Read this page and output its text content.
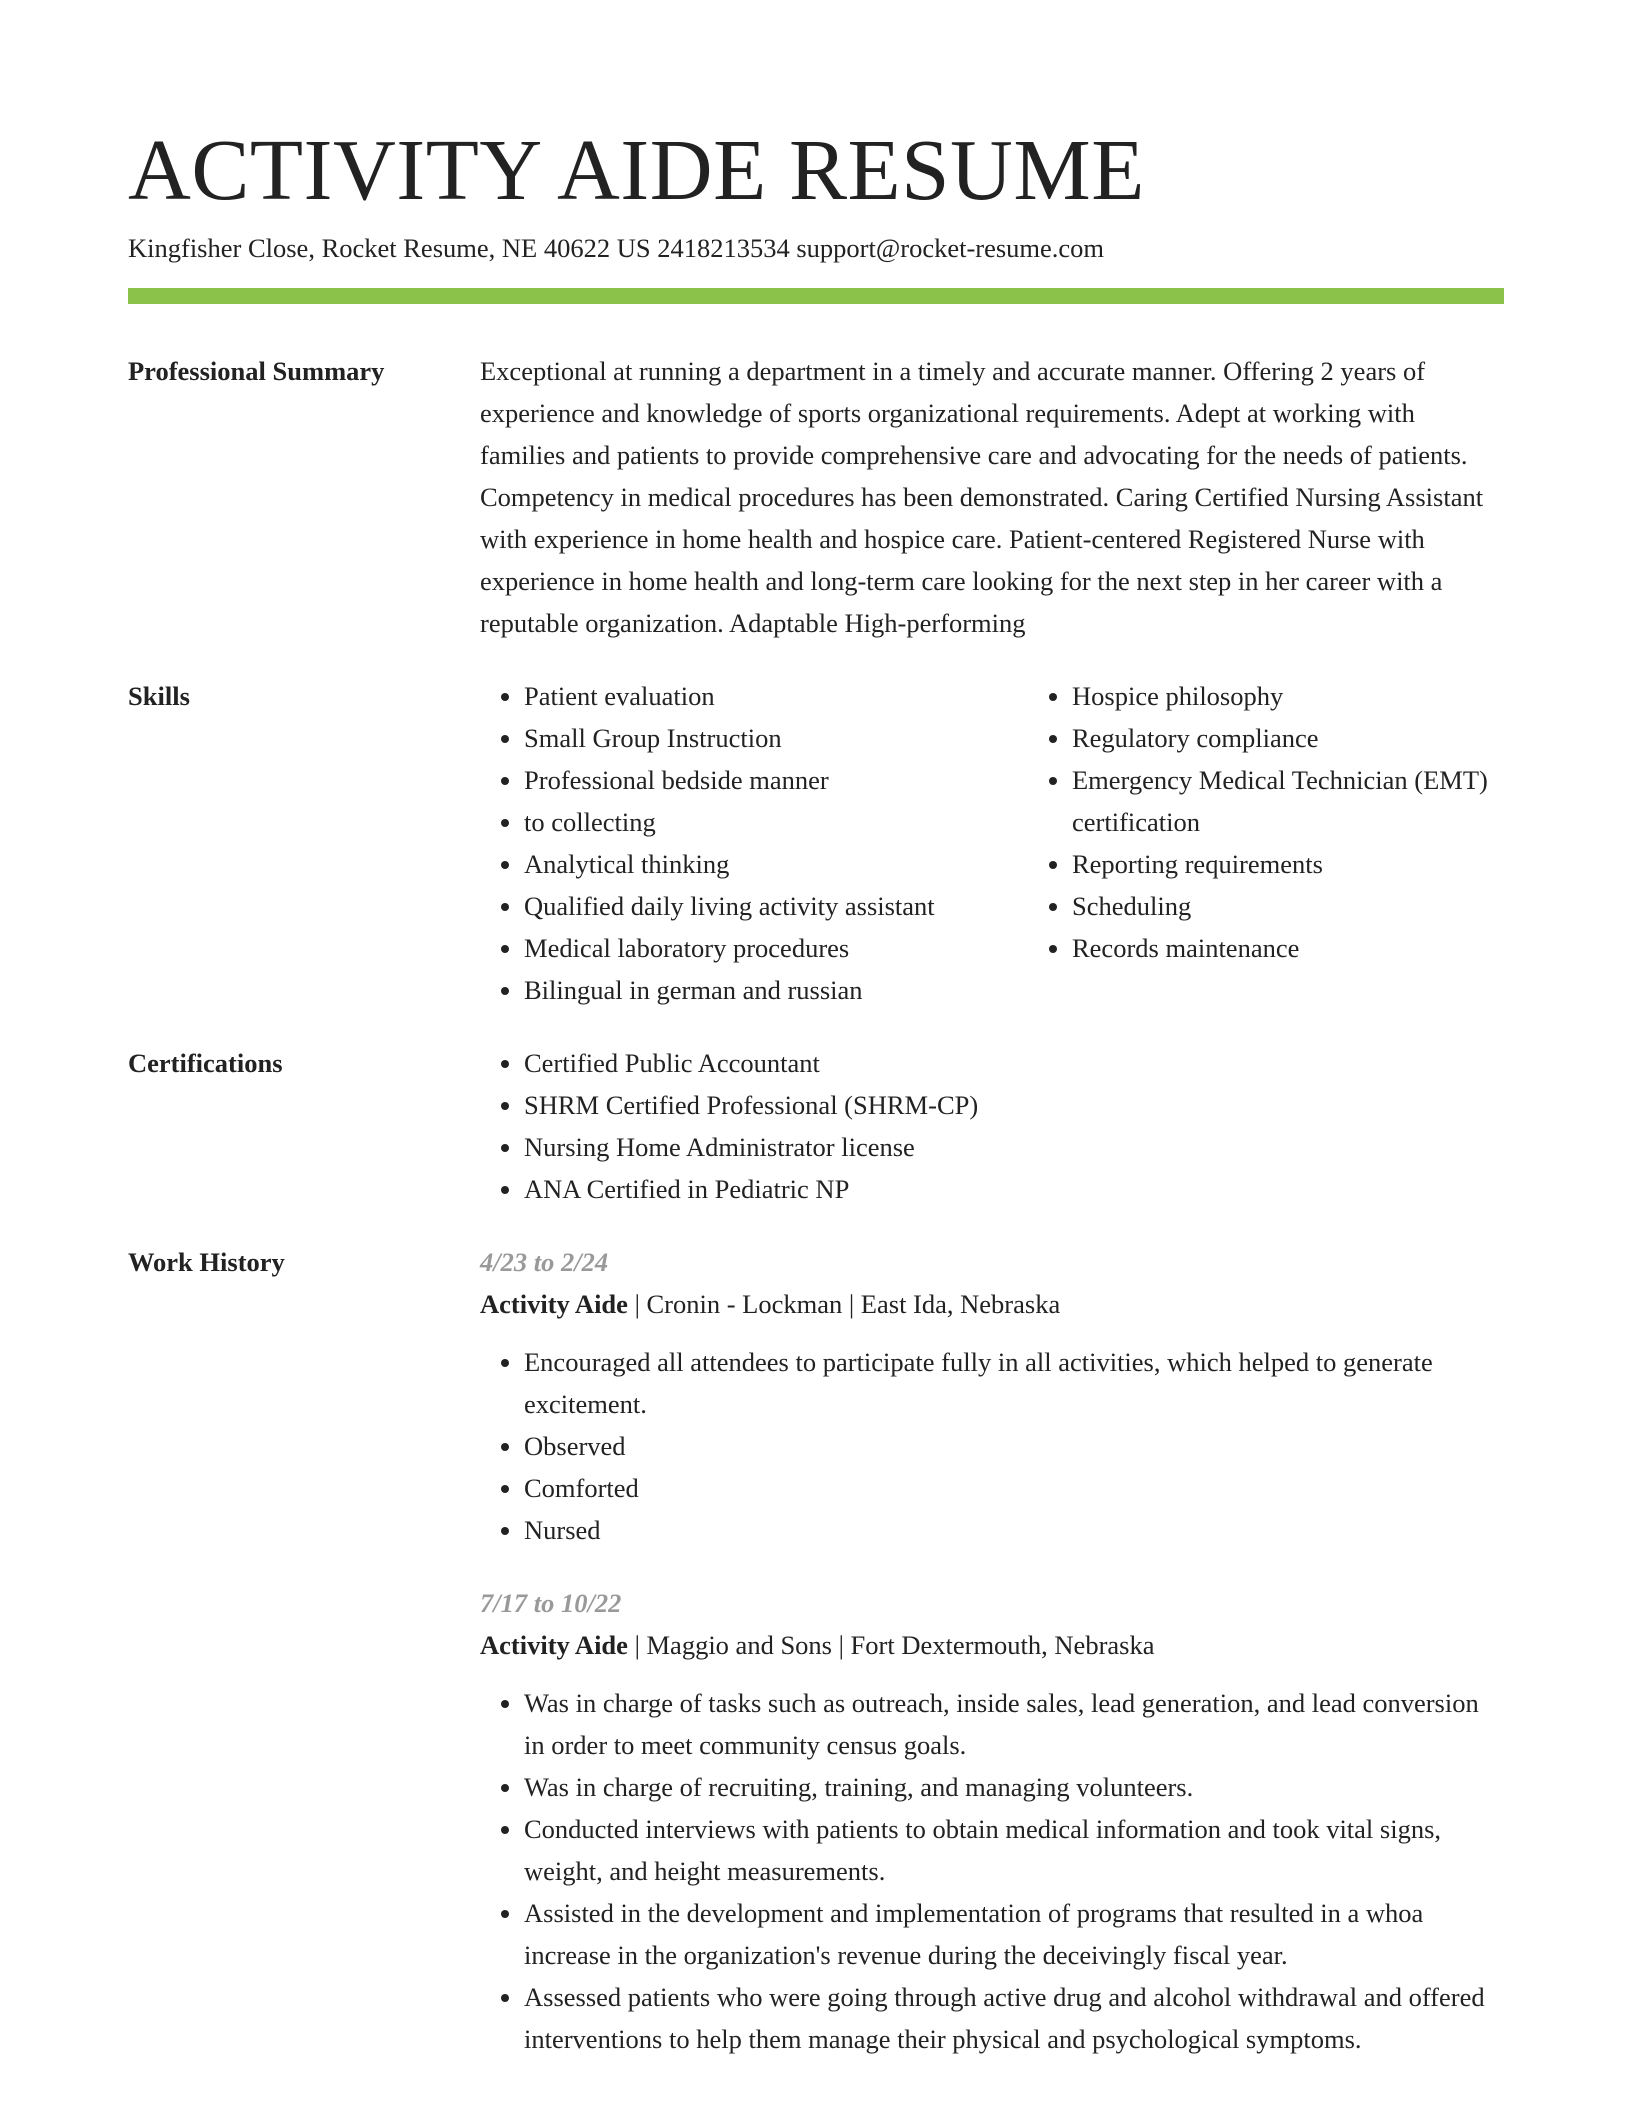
ACTIVITY AIDE RESUME
Kingfisher Close, Rocket Resume, NE 40622 US 2418213534 support@rocket-resume.com
Professional Summary	Exceptional at running a department in a timely and accurate manner. Offering 2 years of experience and knowledge of sports organizational requirements. Adept at working with families and patients to provide comprehensive care and advocating for the needs of patients. Competency in medical procedures has been demonstrated. Caring Certified Nursing Assistant with experience in home health and hospice care. Patient-centered Registered Nurse with experience in home health and long-term care looking for the next step in her career with a reputable organization. Adaptable High-performing

Skills	• Patient evaluation
• Small Group Instruction
• Professional bedside manner
• to collecting
• Analytical thinking
• Qualified daily living activity assistant
• Medical laboratory procedures
• Bilingual in german and russian
• Hospice philosophy
• Regulatory compliance
• Emergency Medical Technician (EMT) certification
• Reporting requirements
• Scheduling
• Records maintenance
Certifications	• Certified Public Accountant
• SHRM Certified Professional (SHRM-CP)
• Nursing Home Administrator license
• ANA Certified in Pediatric NP
Work History	4/23 to 2/24
Activity Aide | Cronin - Lockman | East Ida, Nebraska
• Encouraged all attendees to participate fully in all activities, which helped to generate excitement.
• Observed
• Comforted
• Nursed
7/17 to 10/22
Activity Aide | Maggio and Sons | Fort Dextermouth, Nebraska
• Was in charge of tasks such as outreach, inside sales, lead generation, and lead conversion in order to meet community census goals.
• Was in charge of recruiting, training, and managing volunteers.
• Conducted interviews with patients to obtain medical information and took vital signs, weight, and height measurements.
• Assisted in the development and implementation of programs that resulted in a whoa increase in the organization's revenue during the deceivingly fiscal year.
• Assessed patients who were going through active drug and alcohol withdrawal and offered interventions to help them manage their physical and psychological symptoms.
